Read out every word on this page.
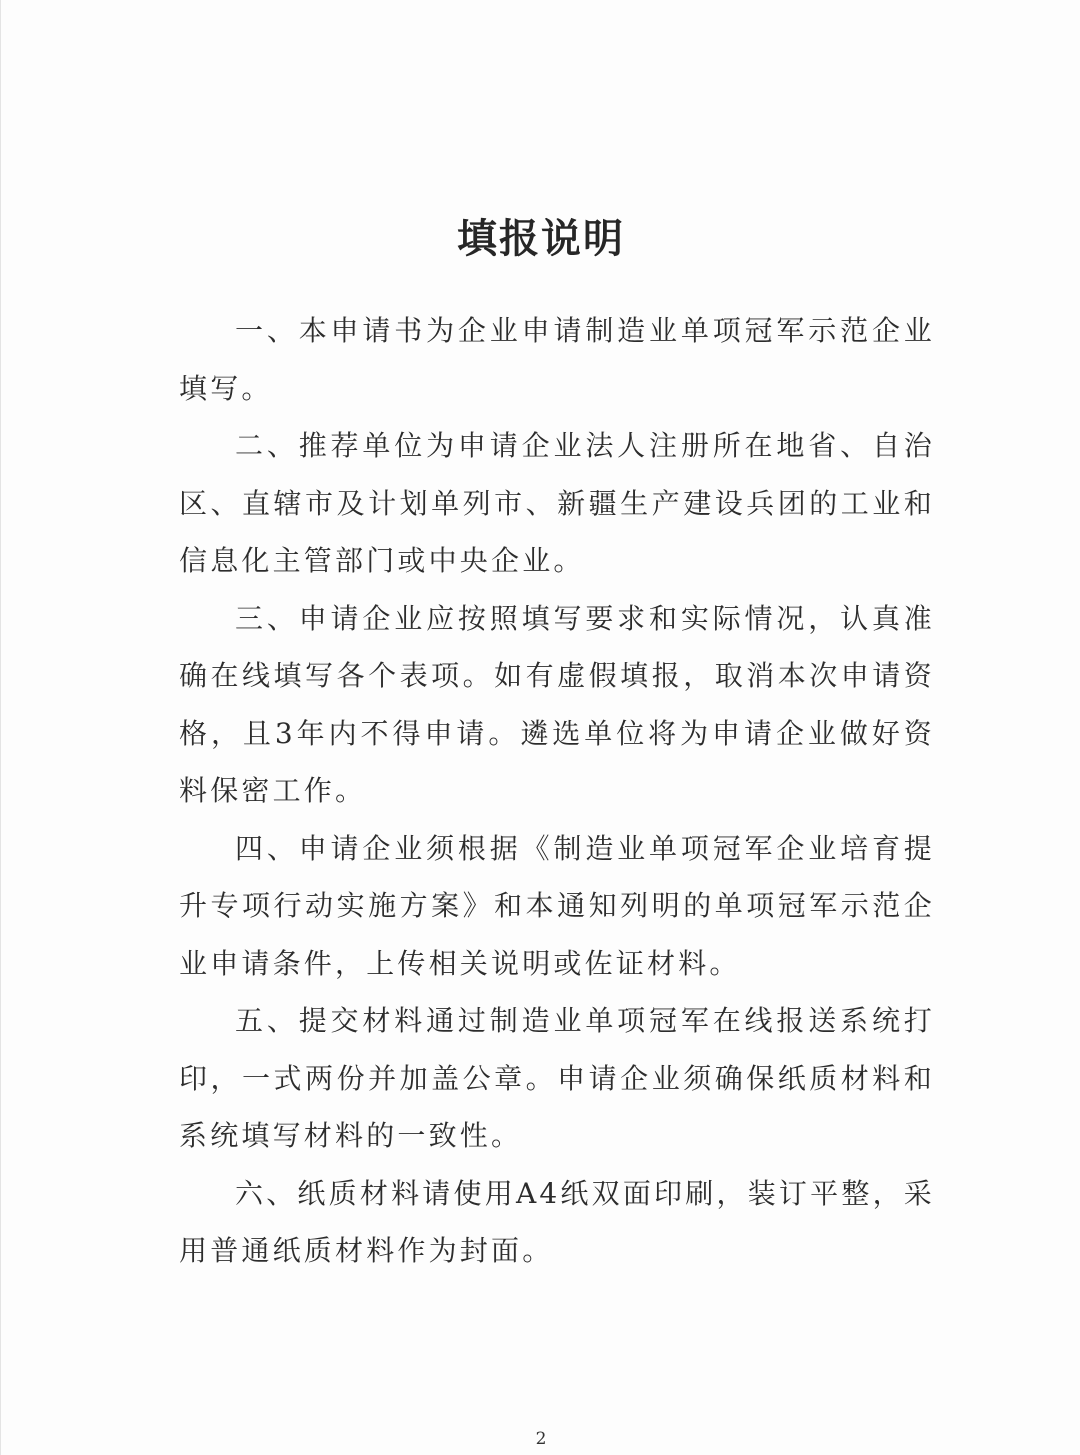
填报说明

一、本申请书为企业申请制造业单项冠军示范企业填写。

二、推荐单位为申请企业法人注册所在地省、自治区、直辖市及计划单列市、新疆生产建设兵团的工业和信息化主管部门或中央企业。

三、申请企业应按照填写要求和实际情况，认真准确在线填写各个表项。如有虚假填报，取消本次申请资格，且3年内不得申请。遴选单位将为申请企业做好资料保密工作。

四、申请企业须根据《制造业单项冠军企业培育提升专项行动实施方案》和本通知列明的单项冠军示范企业申请条件，上传相关说明或佐证材料。

五、提交材料通过制造业单项冠军在线报送系统打印，一式两份并加盖公章。申请企业须确保纸质材料和系统填写材料的一致性。

六、纸质材料请使用A4纸双面印刷，装订平整，采用普通纸质材料作为封面。

2
